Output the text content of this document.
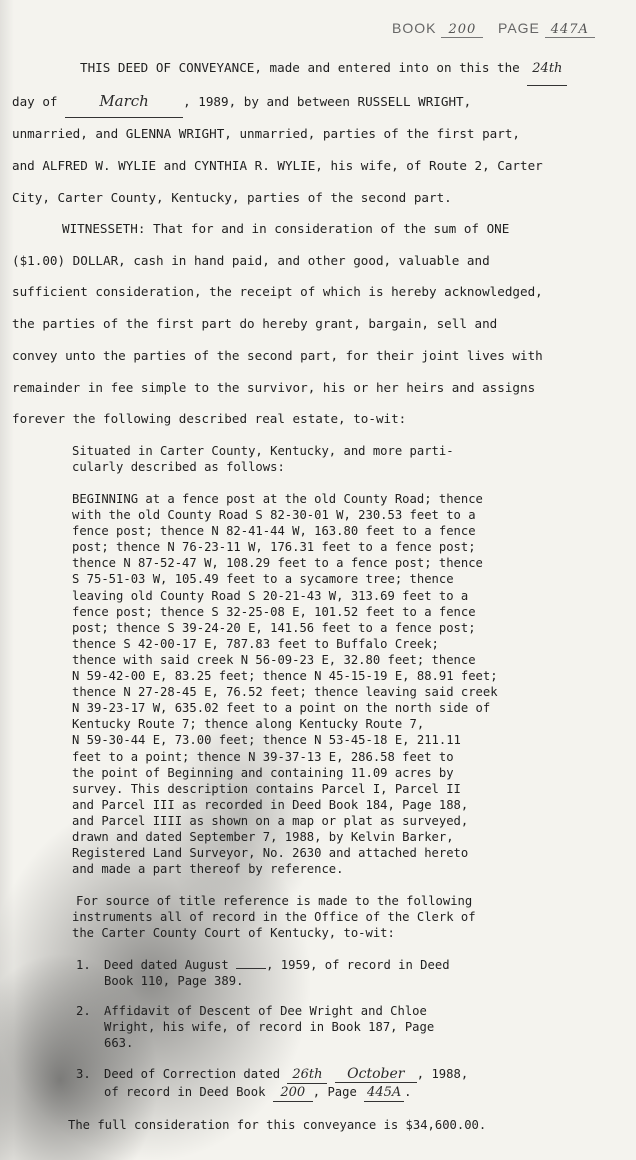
BOOK 200 PAGE 447A
THIS DEED OF CONVEYANCE, made and entered into on this the 24th
day of	March	, 1989, by and between RUSSELL WRIGHT,
unmarried, and GLENNA WRIGHT, unmarried, parties of the first part,
and ALFRED W. WYLIE and CYNTHIA R. WYLIE, his wife, of Route 2, Carter
City, Carter County, Kentucky, parties of the second part.
WITNESSETH: That for and in consideration of the sum of ONE
($1.00) DOLLAR, cash in hand paid, and other good, valuable and
sufficient consideration, the receipt of which is hereby acknowledged,
the parties of the first part do hereby grant, bargain, sell and
convey unto the parties of the second part, for their joint lives with
remainder in fee simple to the survivor, his or her heirs and assigns
forever the following described real estate, to-wit:
Situated in Carter County, Kentucky, and more parti-
cularly described as follows:
BEGINNING at a fence post at the old County Road; thence
with the old County Road S 82-30-01 W, 230.53 feet to a
fence post; thence N 82-41-44 W, 163.80 feet to a fence
post; thence N 76-23-11 W, 176.31 feet to a fence post;
thence N 87-52-47 W, 108.29 feet to a fence post; thence
S 75-51-03 W, 105.49 feet to a sycamore tree; thence
leaving old County Road S 20-21-43 W, 313.69 feet to a
fence post; thence S 32-25-08 E, 101.52 feet to a fence
post; thence S 39-24-20 E, 141.56 feet to a fence post;
thence S 42-00-17 E, 787.83 feet to Buffalo Creek;
thence with said creek N 56-09-23 E, 32.80 feet; thence
N 59-42-00 E, 83.25 feet; thence N 45-15-19 E, 88.91 feet;
thence N 27-28-45 E, 76.52 feet; thence leaving said creek
N 39-23-17 W, 635.02 feet to a point on the north side of
Kentucky Route 7; thence along Kentucky Route 7,
N 59-30-44 E, 73.00 feet; thence N 53-45-18 E, 211.11
feet to a point; thence N 39-37-13 E, 286.58 feet to
the point of Beginning and containing 11.09 acres by
survey. This description contains Parcel I, Parcel II
and Parcel III as recorded in Deed Book 184, Page 188,
and Parcel IIII as shown on a map or plat as surveyed,
drawn and dated September 7, 1988, by Kelvin Barker,
Registered Land Surveyor, No. 2630 and attached hereto
and made a part thereof by reference.
For source of title reference is made to the following
instruments all of record in the Office of the Clerk of
the Carter County Court of Kentucky, to-wit:
1. Deed dated August	, 1959, of record in Deed
Book 110, Page 389.
2. Affidavit of Descent of Dee Wright and Chloe
Wright, his wife, of record in Book 187, Page
663.
3. Deed of Correction dated 26th October , 1988,
of record in Deed Book 200 , Page 445A .
The full consideration for this conveyance is $34,600.00.
